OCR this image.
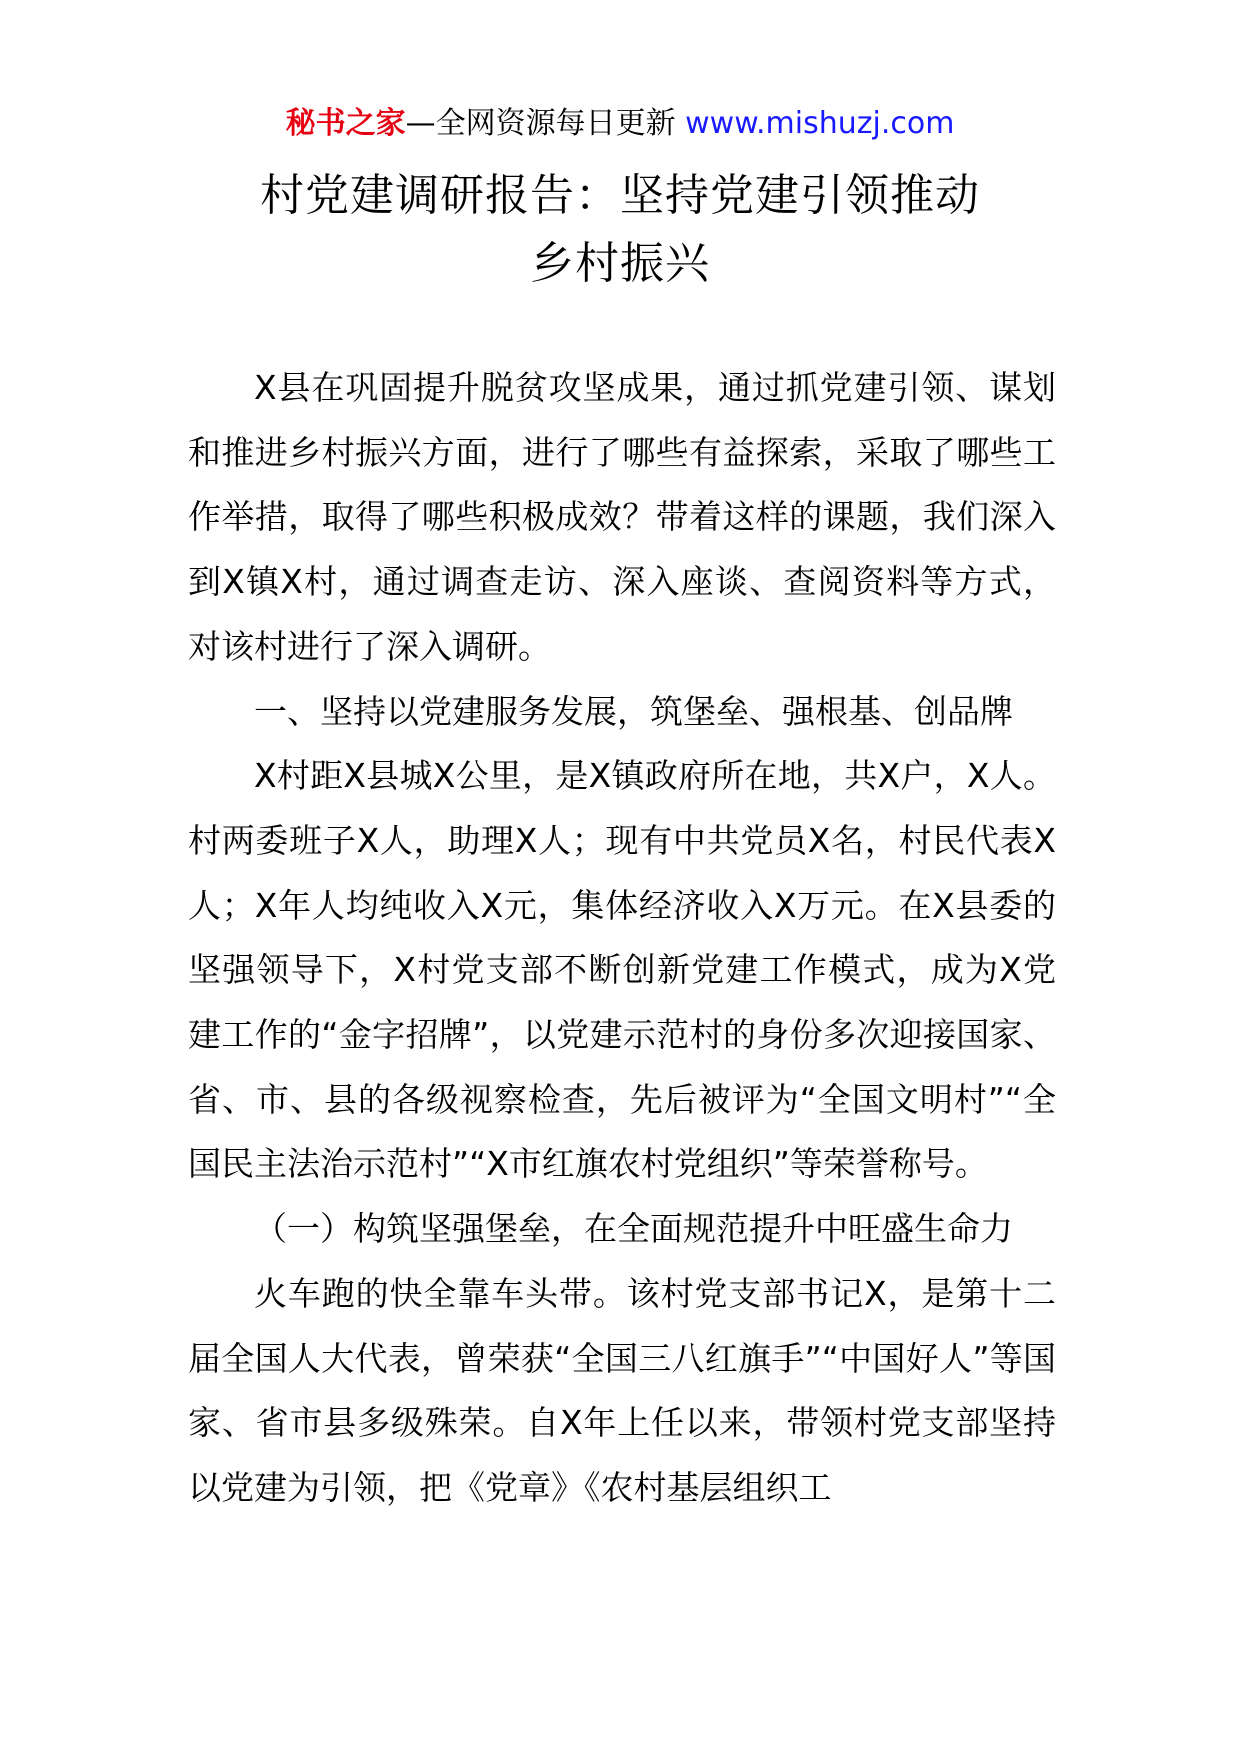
秘书之家—全网资源每日更新 www.mishuzj.com
村党建调研报告：坚持党建引领推动
乡村振兴

X县在巩固提升脱贫攻坚成果，通过抓党建引领、谋划和推进乡村振兴方面，进行了哪些有益探索，采取了哪些工作举措，取得了哪些积极成效？带着这样的课题，我们深入到X镇X村，通过调查走访、深入座谈、查阅资料等方式，对该村进行了深入调研。

一、坚持以党建服务发展，筑堡垒、强根基、创品牌

X村距X县城X公里，是X镇政府所在地，共X户，X人。村两委班子X人，助理X人；现有中共党员X名，村民代表X人；X年人均纯收入X元，集体经济收入X万元。在X县委的坚强领导下，X村党支部不断创新党建工作模式，成为X党建工作的“金字招牌”，以党建示范村的身份多次迎接国家、省、市、县的各级视察检查，先后被评为“全国文明村”“全国民主法治示范村”“X市红旗农村党组织”等荣誉称号。

（一）构筑坚强堡垒，在全面规范提升中旺盛生命力

火车跑的快全靠车头带。该村党支部书记X，是第十二届全国人大代表，曾荣获“全国三八红旗手”“中国好人”等国家、省市县多级殊荣。自X年上任以来，带领村党支部坚持以党建为引领，把《党章》《农村基层组织工
